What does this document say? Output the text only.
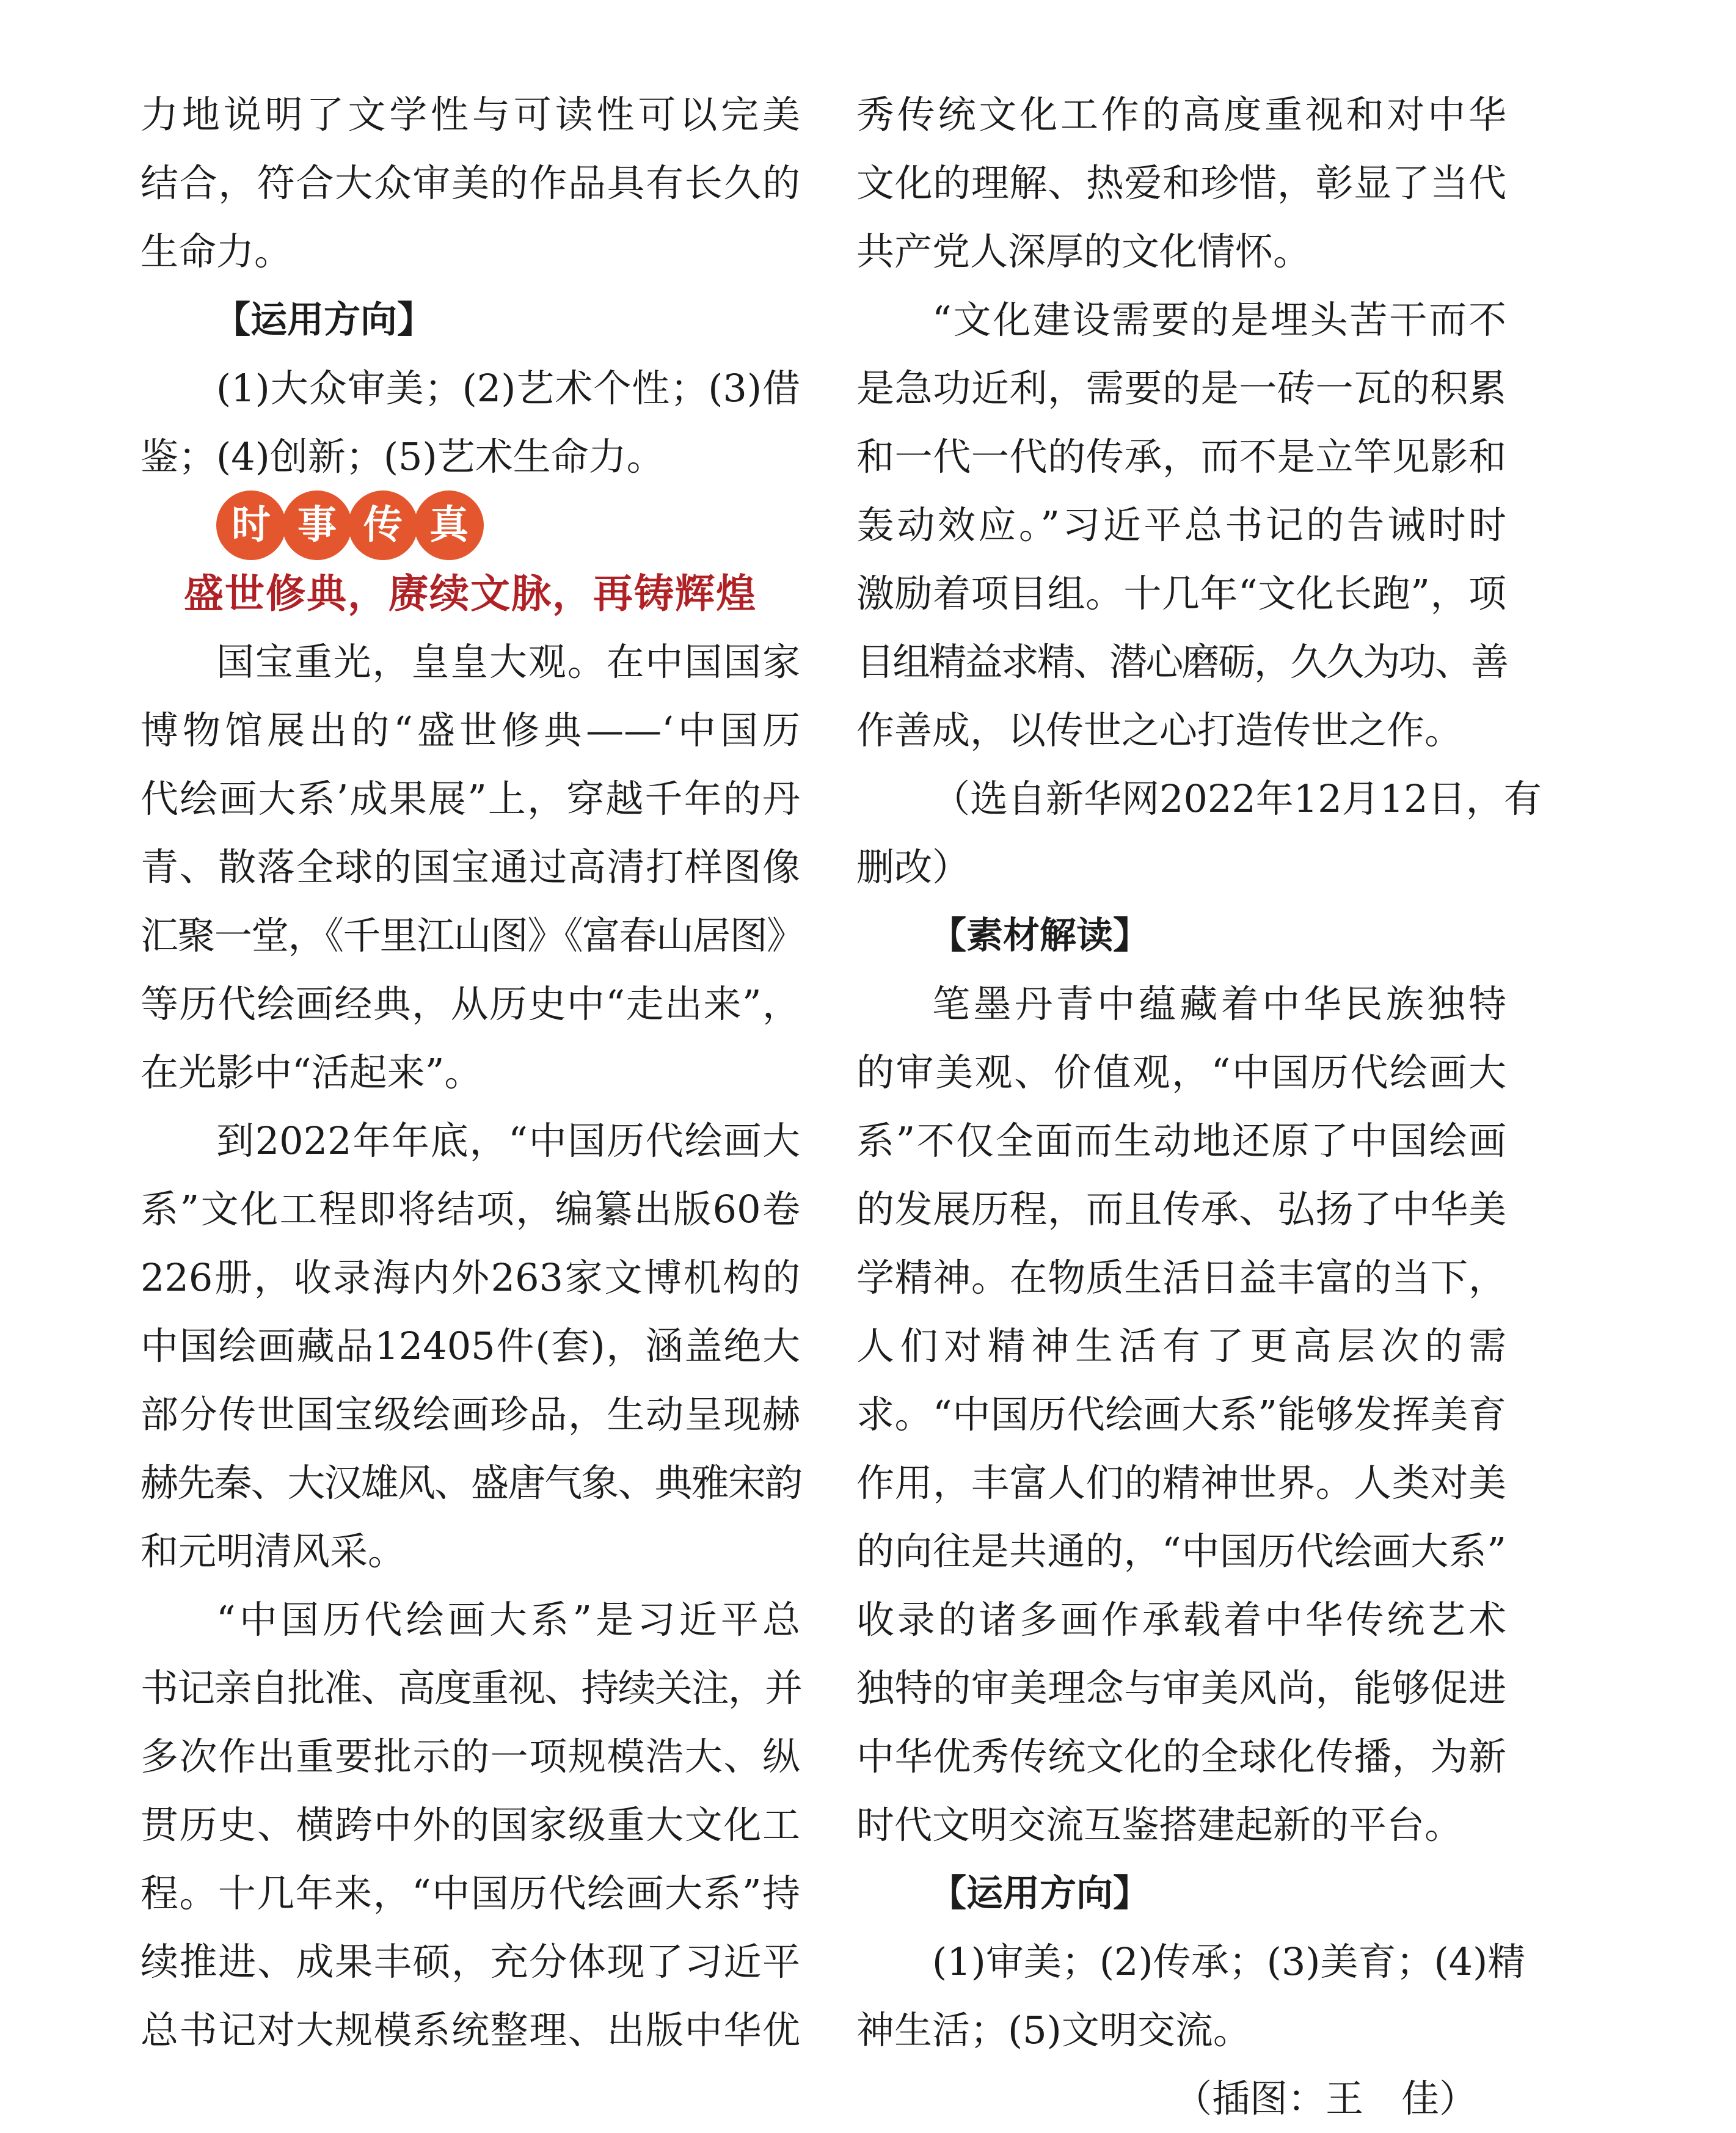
力地说明了文学性与可读性可以完美
结合，符合大众审美的作品具有长久的
生命力。
【运用方向】
(1)大众审美；(2)艺术个性；(3)借
鉴；(4)创新；(5)艺术生命力。
时 事 传 真
盛世修典，赓续文脉，再铸辉煌
国宝重光，皇皇大观。在中国国家
博物馆展出的“盛世修典——‘中国历
代绘画大系’成果展”上，穿越千年的丹
青、散落全球的国宝通过高清打样图像
汇聚一堂，《千里江山图》《富春山居图》
等历代绘画经典，从历史中“走出来”，
在光影中“活起来”。
到2022年年底，“中国历代绘画大
系”文化工程即将结项，编纂出版60卷
226册，收录海内外263家文博机构的
中国绘画藏品12405件(套)，涵盖绝大
部分传世国宝级绘画珍品，生动呈现赫
赫先秦、大汉雄风、盛唐气象、典雅宋韵
和元明清风采。
“中国历代绘画大系”是习近平总
书记亲自批准、高度重视、持续关注，并
多次作出重要批示的一项规模浩大、纵
贯历史、横跨中外的国家级重大文化工
程。十几年来，“中国历代绘画大系”持
续推进、成果丰硕，充分体现了习近平
总书记对大规模系统整理、出版中华优
秀传统文化工作的高度重视和对中华
文化的理解、热爱和珍惜，彰显了当代
共产党人深厚的文化情怀。
“文化建设需要的是埋头苦干而不
是急功近利，需要的是一砖一瓦的积累
和一代一代的传承，而不是立竿见影和
轰动效应。”习近平总书记的告诫时时
激励着项目组。十几年“文化长跑”，项
目组精益求精、潜心磨砺，久久为功、善
作善成，以传世之心打造传世之作。
（选自新华网2022年12月12日，有
删改）
【素材解读】
笔墨丹青中蕴藏着中华民族独特
的审美观、价值观，“中国历代绘画大
系”不仅全面而生动地还原了中国绘画
的发展历程，而且传承、弘扬了中华美
学精神。在物质生活日益丰富的当下，
人们对精神生活有了更高层次的需
求。“中国历代绘画大系”能够发挥美育
作用，丰富人们的精神世界。人类对美
的向往是共通的，“中国历代绘画大系”
收录的诸多画作承载着中华传统艺术
独特的审美理念与审美风尚，能够促进
中华优秀传统文化的全球化传播，为新
时代文明交流互鉴搭建起新的平台。
【运用方向】
(1)审美；(2)传承；(3)美育；(4)精
神生活；(5)文明交流。
（插图：王　佳）
